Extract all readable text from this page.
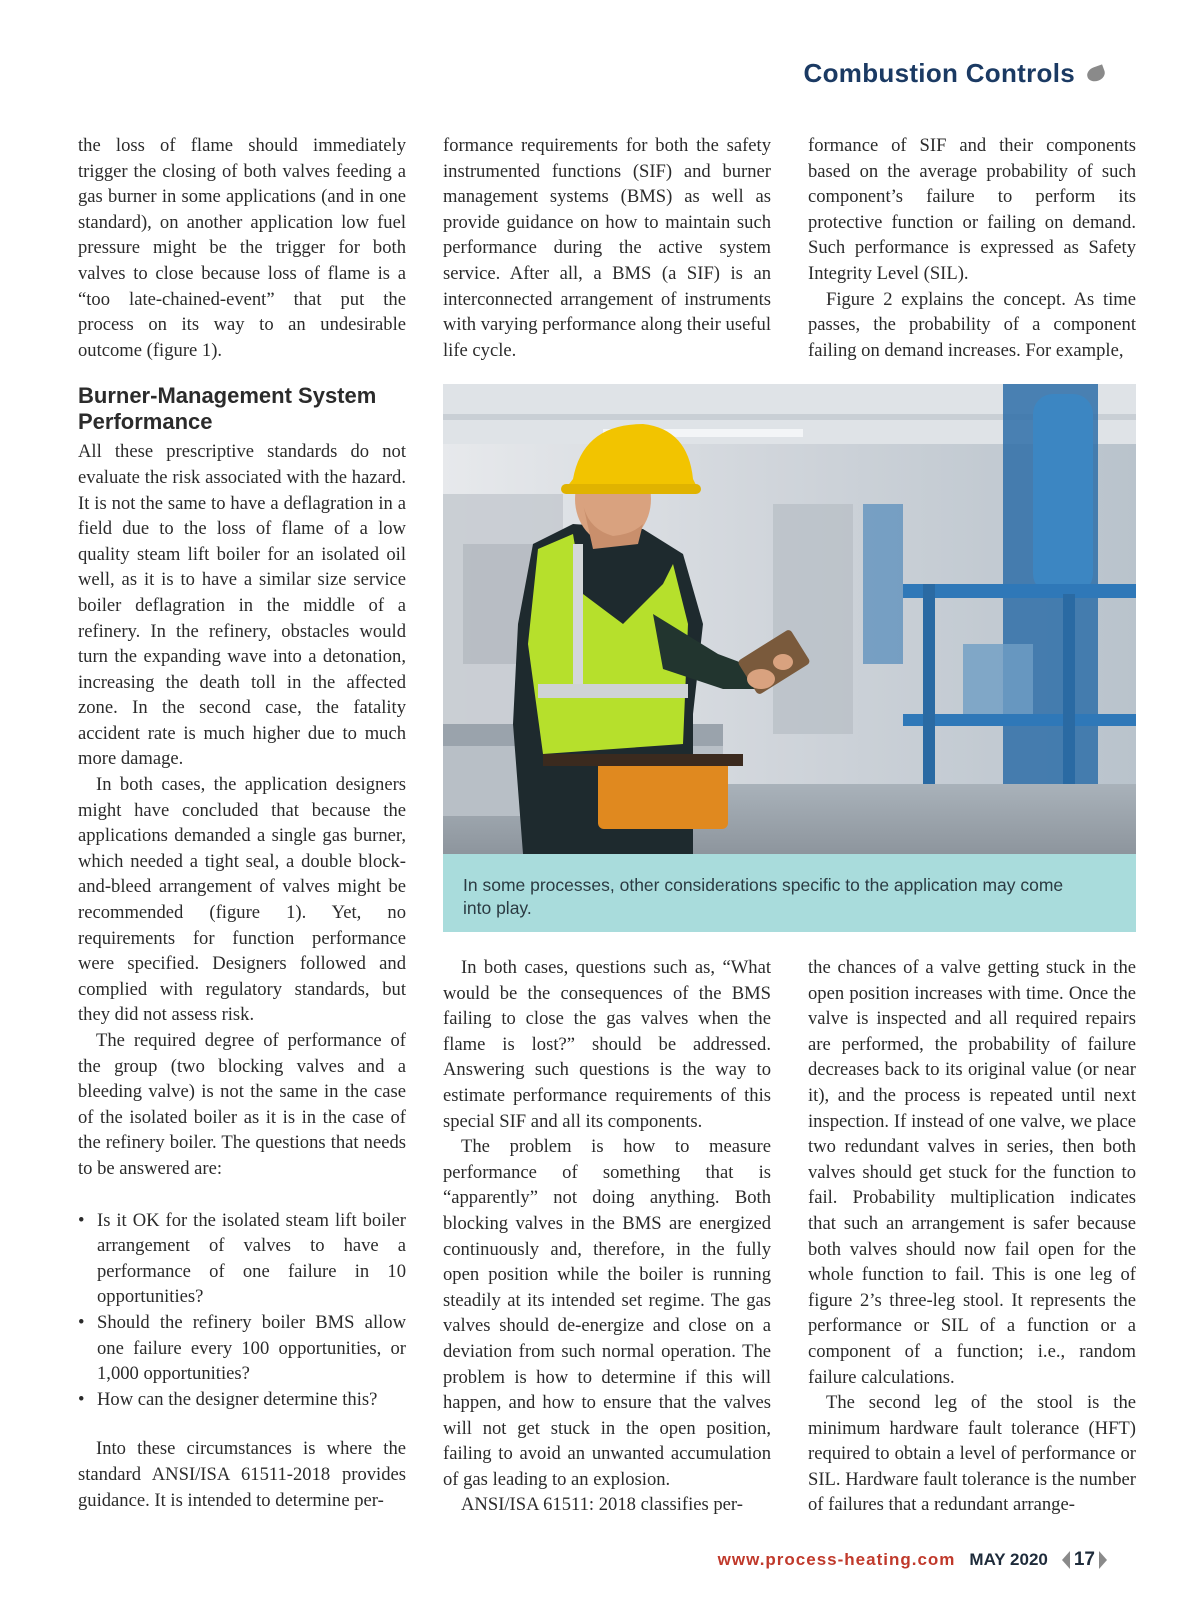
Combustion Controls

the loss of flame should immediately trigger the closing of both valves feeding a gas burner in some applications (and in one standard), on another application low fuel pressure might be the trigger for both valves to close because loss of flame is a “too late-chained-event” that put the process on its way to an undesirable outcome (figure 1).

Burner-Management System Performance

All these prescriptive standards do not evaluate the risk associated with the hazard. It is not the same to have a deflagration in a field due to the loss of flame of a low quality steam lift boiler for an isolated oil well, as it is to have a similar size service boiler deflagration in the middle of a refinery. In the refinery, obstacles would turn the expanding wave into a detonation, increasing the death toll in the affected zone. In the second case, the fatality accident rate is much higher due to much more damage.

In both cases, the application designers might have concluded that because the applications demanded a single gas burner, which needed a tight seal, a double block-and-bleed arrangement of valves might be recommended (figure 1). Yet, no requirements for function performance were specified. Designers followed and complied with regulatory standards, but they did not assess risk.

The required degree of performance of the group (two blocking valves and a bleeding valve) is not the same in the case of the isolated boiler as it is in the case of the refinery boiler. The questions that needs to be answered are:

• Is it OK for the isolated steam lift boiler arrangement of valves to have a performance of one failure in 10 opportunities?
• Should the refinery boiler BMS allow one failure every 100 opportunities, or 1,000 opportunities?
• How can the designer determine this?

Into these circumstances is where the standard ANSI/ISA 61511-2018 provides guidance. It is intended to determine per-

formance requirements for both the safety instrumented functions (SIF) and burner management systems (BMS) as well as provide guidance on how to maintain such performance during the active system service. After all, a BMS (a SIF) is an interconnected arrangement of instruments with varying performance along their useful life cycle.

formance of SIF and their components based on the average probability of such component’s failure to perform its protective function or failing on demand. Such performance is expressed as Safety Integrity Level (SIL).

Figure 2 explains the concept. As time passes, the probability of a component failing on demand increases. For example,

In some processes, other considerations specific to the application may come into play.

In both cases, questions such as, “What would be the consequences of the BMS failing to close the gas valves when the flame is lost?” should be addressed. Answering such questions is the way to estimate performance requirements of this special SIF and all its components.

The problem is how to measure performance of something that is “apparently” not doing anything. Both blocking valves in the BMS are energized continuously and, therefore, in the fully open position while the boiler is running steadily at its intended set regime. The gas valves should de-energize and close on a deviation from such normal operation. The problem is how to determine if this will happen, and how to ensure that the valves will not get stuck in the open position, failing to avoid an unwanted accumulation of gas leading to an explosion.

ANSI/ISA 61511: 2018 classifies per-

the chances of a valve getting stuck in the open position increases with time. Once the valve is inspected and all required repairs are performed, the probability of failure decreases back to its original value (or near it), and the process is repeated until next inspection. If instead of one valve, we place two redundant valves in series, then both valves should get stuck for the function to fail. Probability multiplication indicates that such an arrangement is safer because both valves should now fail open for the whole function to fail. This is one leg of figure 2’s three-leg stool. It represents the performance or SIL of a function or a component of a function; i.e., random failure calculations.

The second leg of the stool is the minimum hardware fault tolerance (HFT) required to obtain a level of performance or SIL. Hardware fault tolerance is the number of failures that a redundant arrange-

www.process-heating.com MAY 2020 17
